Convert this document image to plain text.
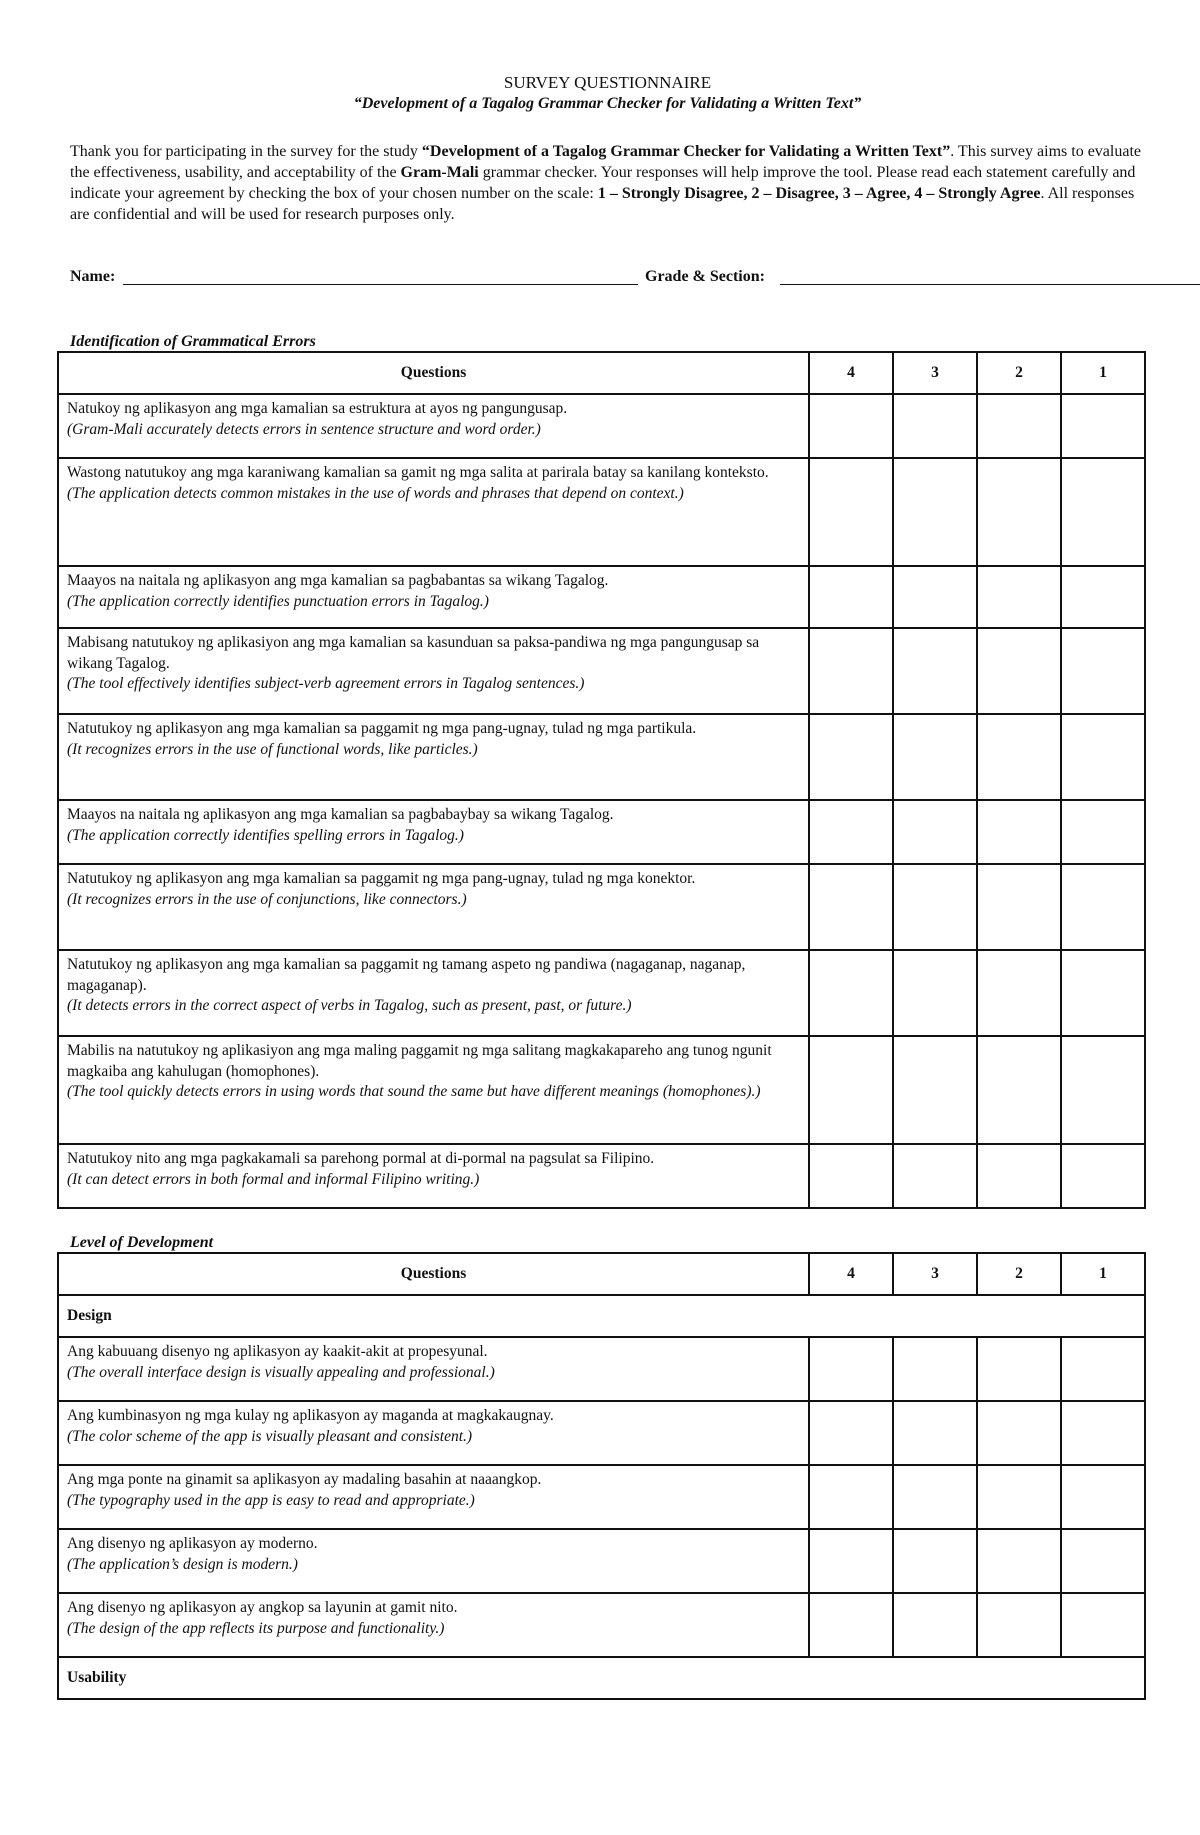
SURVEY QUESTIONNAIRE
“Development of a Tagalog Grammar Checker for Validating a Written Text”
Thank you for participating in the survey for the study “Development of a Tagalog Grammar Checker for Validating a Written Text”. This survey aims to evaluate the effectiveness, usability, and acceptability of the Gram-Mali grammar checker. Your responses will help improve the tool. Please read each statement carefully and indicate your agreement by checking the box of your chosen number on the scale: 1 – Strongly Disagree, 2 – Disagree, 3 – Agree, 4 – Strongly Agree. All responses are confidential and will be used for research purposes only.
Name:	Grade & Section:
Identification of Grammatical Errors
Questions	4	3	2	1
Natukoy ng aplikasyon ang mga kamalian sa estruktura at ayos ng pangungusap.
(Gram-Mali accurately detects errors in sentence structure and word order.)				

Wastong natutukoy ang mga karaniwang kamalian sa gamit ng mga salita at parirala batay sa kanilang konteksto.
(The application detects common mistakes in the use of words and phrases that depend on context.)				

Maayos na naitala ng aplikasyon ang mga kamalian sa pagbabantas sa wikang Tagalog.
(The application correctly identifies punctuation errors in Tagalog.)				

Mabisang natutukoy ng aplikasiyon ang mga kamalian sa kasunduan sa paksa-pandiwa ng mga pangungusap sa wikang Tagalog.
(The tool effectively identifies subject-verb agreement errors in Tagalog sentences.)				

Natutukoy ng aplikasyon ang mga kamalian sa paggamit ng mga pang-ugnay, tulad ng mga partikula.
(It recognizes errors in the use of functional words, like particles.)				

Maayos na naitala ng aplikasyon ang mga kamalian sa pagbabaybay sa wikang Tagalog.
(The application correctly identifies spelling errors in Tagalog.)				

Natutukoy ng aplikasyon ang mga kamalian sa paggamit ng mga pang-ugnay, tulad ng mga konektor.
(It recognizes errors in the use of conjunctions, like connectors.)				

Natutukoy ng aplikasyon ang mga kamalian sa paggamit ng tamang aspeto ng pandiwa (nagaganap, naganap, magaganap).
(It detects errors in the correct aspect of verbs in Tagalog, such as present, past, or future.)				

Mabilis na natutukoy ng aplikasiyon ang mga maling paggamit ng mga salitang magkakapareho ang tunog ngunit magkaiba ang kahulugan (homophones).
(The tool quickly detects errors in using words that sound the same but have different meanings (homophones).)				

Natutukoy nito ang mga pagkakamali sa parehong pormal at di-pormal na pagsulat sa Filipino.
(It can detect errors in both formal and informal Filipino writing.)				

Level of Development
Questions	4	3	2	1
Design				
Ang kabuuang disenyo ng aplikasyon ay kaakit-akit at propesyunal.
(The overall interface design is visually appealing and professional.)				

Ang kumbinasyon ng mga kulay ng aplikasyon ay maganda at magkakaugnay.
(The color scheme of the app is visually pleasant and consistent.)				

Ang mga ponte na ginamit sa aplikasyon ay madaling basahin at naaangkop.
(The typography used in the app is easy to read and appropriate.)				

Ang disenyo ng aplikasyon ay moderno.
(The application’s design is modern.)				

Ang disenyo ng aplikasyon ay angkop sa layunin at gamit nito.
(The design of the app reflects its purpose and functionality.)				

Usability				
